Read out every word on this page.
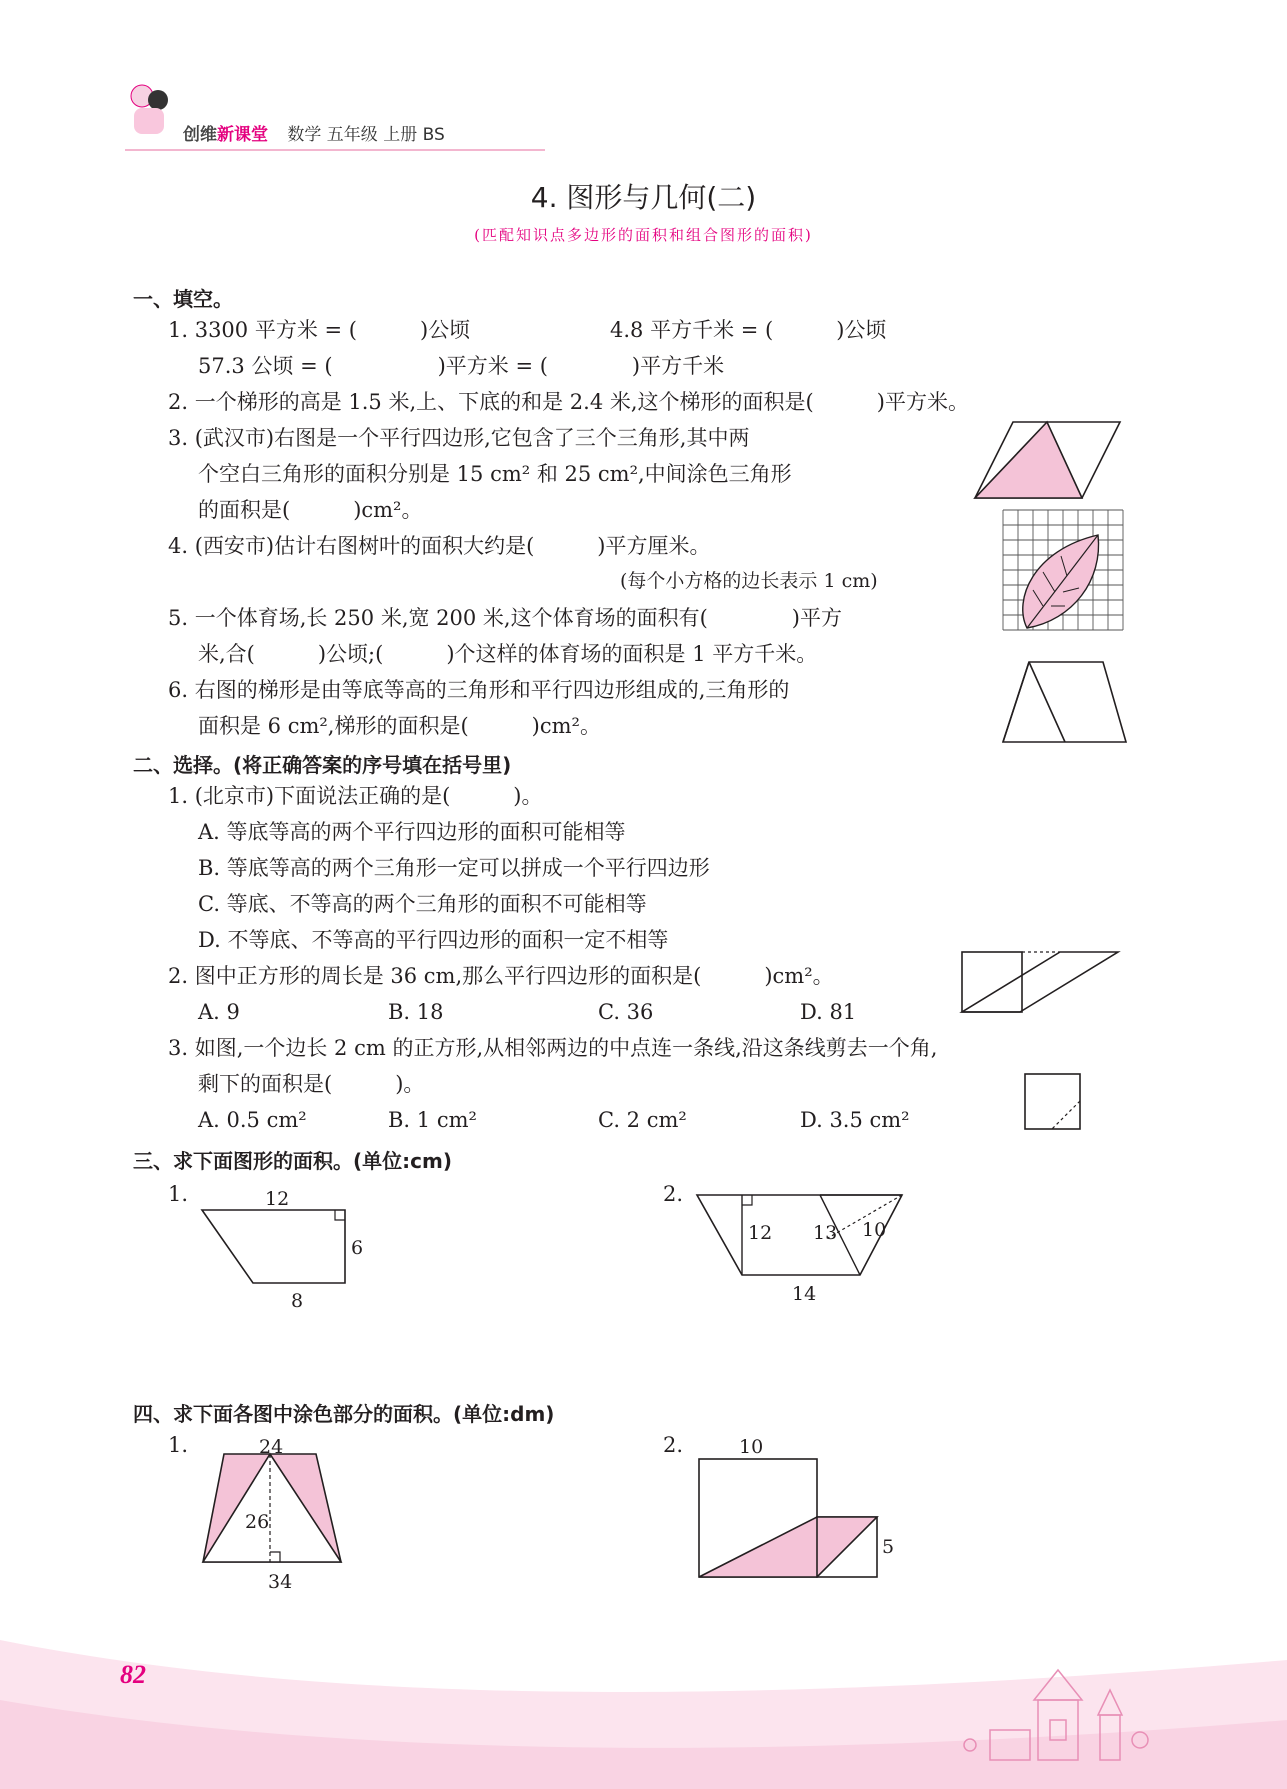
创维新课堂 数学 五年级 上册 BS
4. 图形与几何(二)
(匹配知识点多边形的面积和组合图形的面积)
一、填空。
1. 3300 平方米 = (　　　)公顷	4.8 平方千米 = (　　　)公顷
57.3 公顷 = (　　　　　)平方米 = (　　　　)平方千米
2. 一个梯形的高是 1.5 米,上、下底的和是 2.4 米,这个梯形的面积是(　　　)平方米。
3. (武汉市)右图是一个平行四边形,它包含了三个三角形,其中两
个空白三角形的面积分别是 15 cm² 和 25 cm²,中间涂色三角形
的面积是(　　　)cm²。
4. (西安市)估计右图树叶的面积大约是(　　　)平方厘米。
(每个小方格的边长表示 1 cm)
5. 一个体育场,长 250 米,宽 200 米,这个体育场的面积有(　　　　)平方
米,合(　　　)公顷;(　　　)个这样的体育场的面积是 1 平方千米。
6. 右图的梯形是由等底等高的三角形和平行四边形组成的,三角形的
面积是 6 cm²,梯形的面积是(　　　)cm²。
二、选择。(将正确答案的序号填在括号里)
1. (北京市)下面说法正确的是(　　　)。
A. 等底等高的两个平行四边形的面积可能相等
B. 等底等高的两个三角形一定可以拼成一个平行四边形
C. 等底、不等高的两个三角形的面积不可能相等
D. 不等底、不等高的平行四边形的面积一定不相等
2. 图中正方形的周长是 36 cm,那么平行四边形的面积是(　　　)cm²。
A. 9	B. 18	C. 36	D. 81
3. 如图,一个边长 2 cm 的正方形,从相邻两边的中点连一条线,沿这条线剪去一个角,
剩下的面积是(　　　)。
A. 0.5 cm²	B. 1 cm²	C. 2 cm²	D. 3.5 cm²
三、求下面图形的面积。(单位:cm)
1.	2.
12
6
8
12 13 10
14
四、求下面各图中涂色部分的面积。(单位:dm)
1.	2.
24
26
34
10
5
82
